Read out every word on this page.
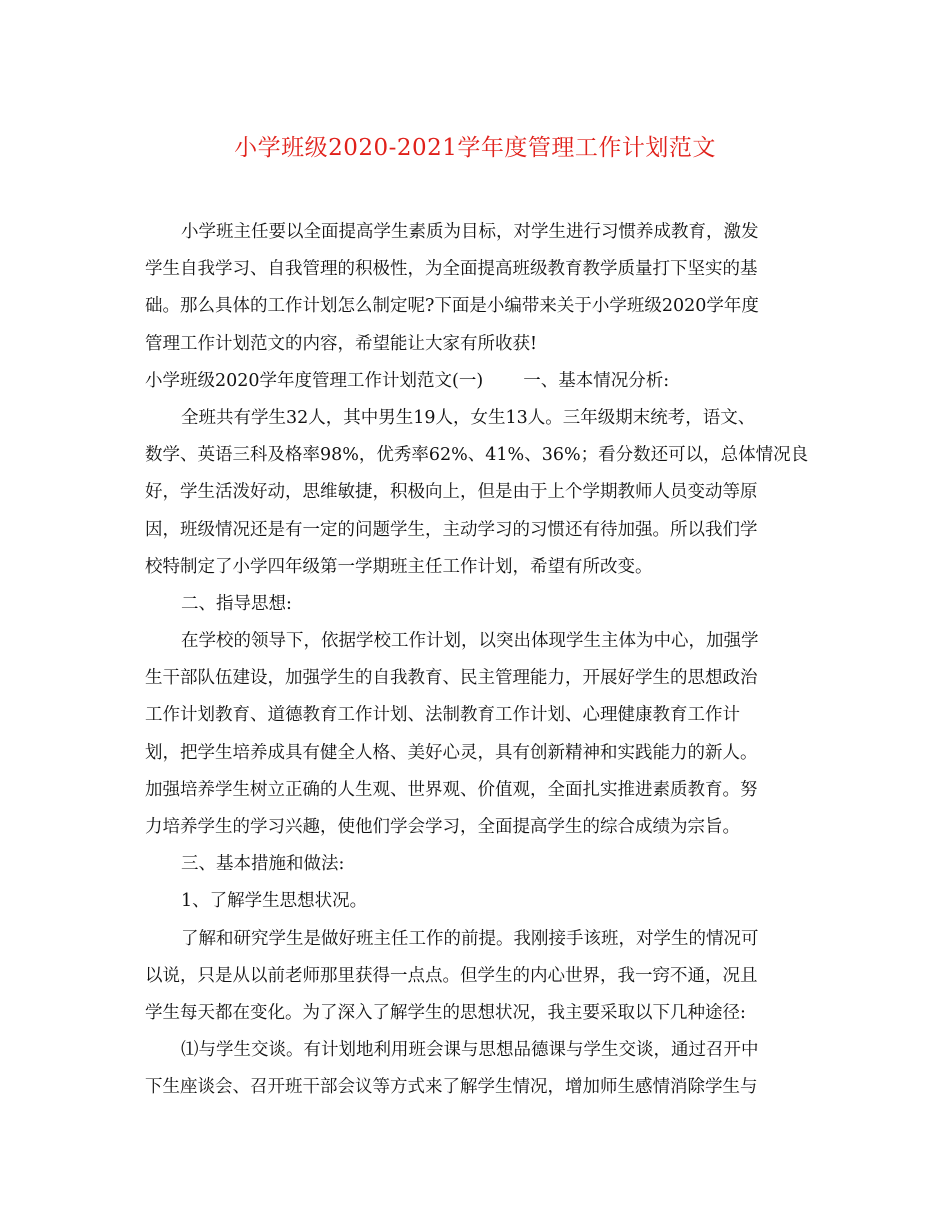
小学班级2020-2021学年度管理工作计划范文
小学班主任要以全面提高学生素质为目标，对学生进行习惯养成教育，激发
学生自我学习、自我管理的积极性，为全面提高班级教育教学质量打下坚实的基
础。那么具体的工作计划怎么制定呢?下面是小编带来关于小学班级2020学年度
管理工作计划范文的内容，希望能让大家有所收获!
小学班级2020学年度管理工作计划范文(一) 一、基本情况分析:
全班共有学生32人，其中男生19人，女生13人。三年级期末统考，语文、
数学、英语三科及格率98%，优秀率62%、41%、36%；看分数还可以，总体情况良
好，学生活泼好动，思维敏捷，积极向上，但是由于上个学期教师人员变动等原
因，班级情况还是有一定的问题学生，主动学习的习惯还有待加强。所以我们学
校特制定了小学四年级第一学期班主任工作计划，希望有所改变。
二、指导思想:
在学校的领导下，依据学校工作计划，以突出体现学生主体为中心，加强学
生干部队伍建设，加强学生的自我教育、民主管理能力，开展好学生的思想政治
工作计划教育、道德教育工作计划、法制教育工作计划、心理健康教育工作计
划，把学生培养成具有健全人格、美好心灵，具有创新精神和实践能力的新人。
加强培养学生树立正确的人生观、世界观、价值观，全面扎实推进素质教育。努
力培养学生的学习兴趣，使他们学会学习，全面提高学生的综合成绩为宗旨。
三、基本措施和做法:
1、了解学生思想状况。
了解和研究学生是做好班主任工作的前提。我刚接手该班，对学生的情况可
以说，只是从以前老师那里获得一点点。但学生的内心世界，我一窍不通，况且
学生每天都在变化。为了深入了解学生的思想状况，我主要采取以下几种途径:
⑴与学生交谈。有计划地利用班会课与思想品德课与学生交谈，通过召开中
下生座谈会、召开班干部会议等方式来了解学生情况，增加师生感情消除学生与
